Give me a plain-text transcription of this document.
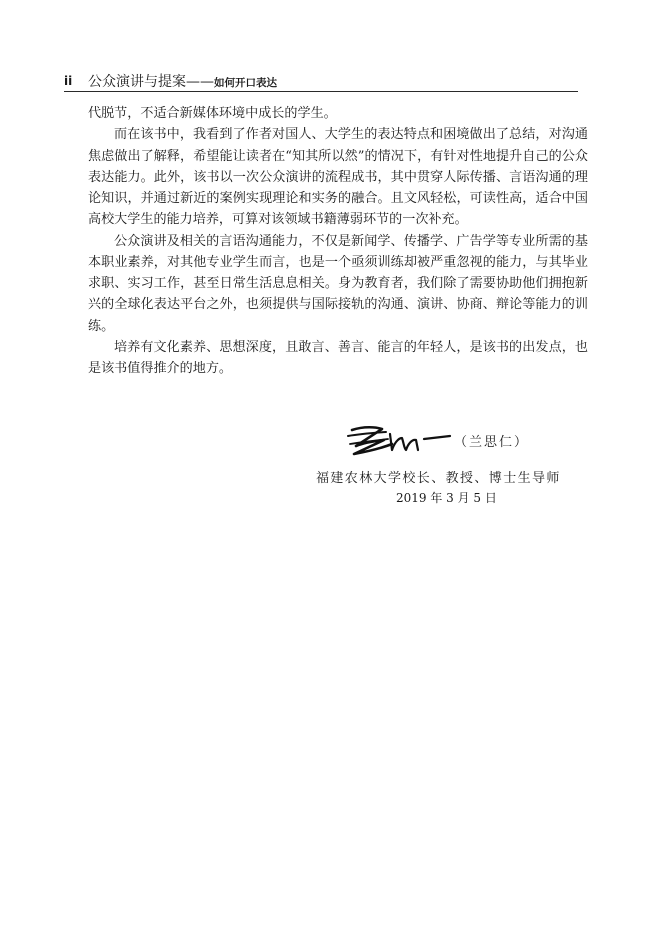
ii 公众演讲与提案——如何开口表达

代脱节，不适合新媒体环境中成长的学生。

而在该书中，我看到了作者对国人、大学生的表达特点和困境做出了总结，对沟通焦虑做出了解释，希望能让读者在“知其所以然”的情况下，有针对性地提升自己的公众表达能力。此外，该书以一次公众演讲的流程成书，其中贯穿人际传播、言语沟通的理论知识，并通过新近的案例实现理论和实务的融合。且文风轻松，可读性高，适合中国高校大学生的能力培养，可算对该领域书籍薄弱环节的一次补充。

公众演讲及相关的言语沟通能力，不仅是新闻学、传播学、广告学等专业所需的基本职业素养，对其他专业学生而言，也是一个亟须训练却被严重忽视的能力，与其毕业求职、实习工作，甚至日常生活息息相关。身为教育者，我们除了需要协助他们拥抱新兴的全球化表达平台之外，也须提供与国际接轨的沟通、演讲、协商、辩论等能力的训练。

培养有文化素养、思想深度，且敢言、善言、能言的年轻人，是该书的出发点，也是该书值得推介的地方。

（兰思仁）
福建农林大学校长、教授、博士生导师
2019 年 3 月 5 日
